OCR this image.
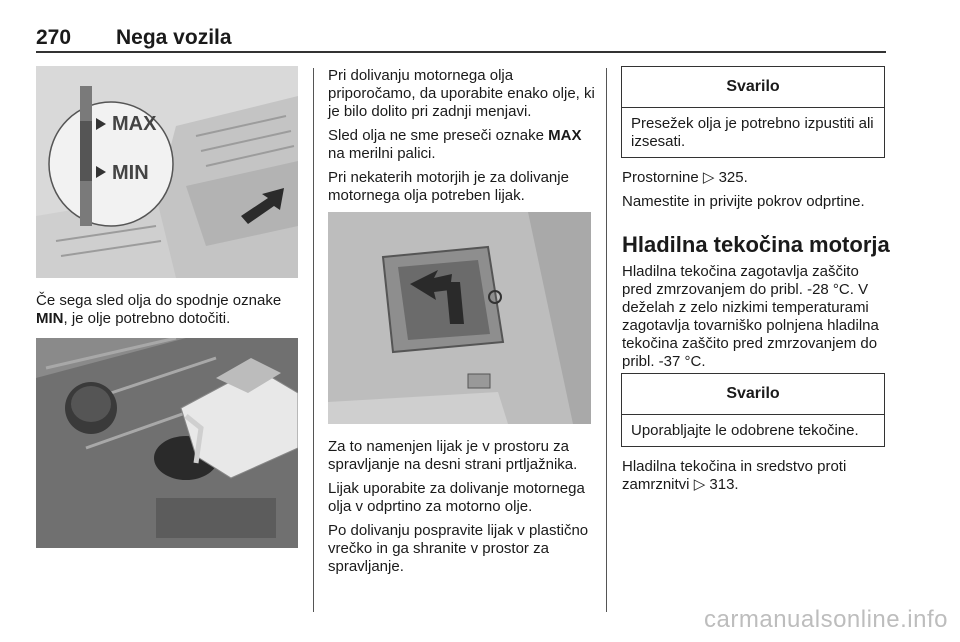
270 Nega vozila
MAX
MIN

Če sega sled olja do spodnje oznake MIN, je olje potrebno dotočiti.

Pri dolivanju motornega olja priporočamo, da uporabite enako olje, ki je bilo dolito pri zadnji menjavi.

Sled olja ne sme preseči oznake MAX na merilni palici.

Pri nekaterih motorjih je za dolivanje motornega olja potreben lijak.

Za to namenjen lijak je v prostoru za spravljanje na desni strani prtljažnika.

Lijak uporabite za dolivanje motornega olja v odprtino za motorno olje.

Po dolivanju pospravite lijak v plastično vrečko in ga shranite v prostor za spravljanje.

Svarilo
Presežek olja je potrebno izpustiti ali izsesati.

Prostornine ▷ 325.

Namestite in privijte pokrov odprtine.

Hladilna tekočina motorja

Hladilna tekočina zagotavlja zaščito pred zmrzovanjem do pribl. -28 °C. V deželah z zelo nizkimi temperaturami zagotavlja tovarniško polnjena hladilna tekočina zaščito pred zmrzovanjem do pribl. -37 °C.

Svarilo
Uporabljajte le odobrene tekočine.

Hladilna tekočina in sredstvo proti zamrznitvi ▷ 313.

carmanualsonline.info
